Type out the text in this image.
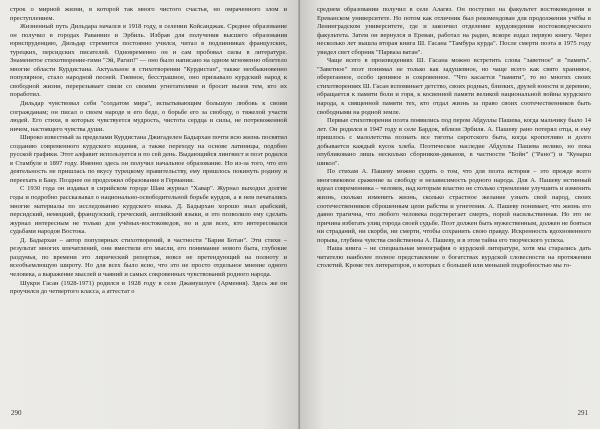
строк о мирной жизни, в которой так много чистого счастья, но омраченного злом и преступлением.

Жизненный путь Дильдара начался в 1918 году, в селении Койсанджак. Среднее образование он получил в городах Раванииз и Эрбиль. Избрав для получения высшего образования юриспруденцию, Дильдар стремится постоянно учился, читал в подлинниках французских, турецких, персидских писателей. Одновременно он и сам пробовал силы в литературе. Знаменитое стихотворение-гимн "Эй, Рагип!" — оно было написано на одном мгновенно облетело многие области Курдистана. Актуальное в стихотворении "Курдистан", также необыкновенно популярное, стало народной песней. Гневное, бесстрашное, оно призывало курдский народ к свободной жизни, перерезывает связи со своими угнетателями и бросит вызов тем, кто их поработил.

Дильдар чувствовал себя "солдатом мира", испытывающим большую любовь к своим согражданам; он писал о своем народе и его беде, о борьбе его за свободу, о тяжелой участи людей. Его стихи, в которых чувствуется мудрость, чистота сердца и силы, не потревоженной ничем, настоящего чувства души.

Широко известный за пределами Курдистана Джигаделен Бадырхан почти всю жизнь посвятил созданию современного курдского издания, а также переходу на основе латиницы, подобно русской графики. Этот алфавит используется и по сей день. Выдающийся лингвист и поэт родился в Стамбуле в 1897 году. Именно здесь он получил начальное образование. Но из-за того, что его деятельность не пришлась по вкусу турецкому правительству, ему пришлось покинуть родину и переехать в Баку. Позднее он продолжил образование в Германии.

С 1930 года он издавал в сирийском городе Шам журнал "Хавар". Журнал выходил долгие годы и подробно рассказывал о национально-освободительной борьбе курдов, а в нем печатались многие материалы по исследованию курдского языка. Д. Бадырхан хорошо знал арабский, персидский, немецкий, французский, греческий, английский языки, и это позволило ему сделать журнал интересным не только для учёных-востоковедов, но и для всех, кто интересовался судьбами народов Востока.

Д. Бадырхан – автор популярных стихотворений, в частности "Бария Ботан". Эти стихи – результат многих впечатлений, они вместили его мысли, его понимание нового быта, глубокие раздумья, по времени это лирический репортаж, вовсе не претендующий на полноту и всеобъемлющую широту. Но для всех было ясно, что это не просто отдельное мнение одного человека, а выражение мыслей и чаяний и самых сокровенных чувствований родного народа.

Шукри Гасан (1928-1971) родился в 1928 году в селе Джамушлуге (Армения). Здесь же он проучился до четвертого класса, а аттестат о

290

среднем образовании получил в селе Алагяз. Он поступил на факультет востоковедения в Ереванском университете. Но потом как отличник был рекомендован для продолжения учёбы в Ленинградском университете, где и закончил отделение курдоведения востоковедческого факультета. Затем он вернулся в Ереван, работал на радио, вскоре издал первую книгу. Через несколько лет вышла вторая книга Ш. Гасана "Тамбура курда". После смерти поэта в 1975 году увидел свет сборник "Парваза ватан".

Чаще всего в произведениях Ш. Гасана можно встретить слова "заветное" и "память". "Заветное" поэт понимал не только как задушевное, но чаще всего как свято хранимое, обереганное, особо ценимое и сокровенное. "Что касается "памяти", то во многих своих стихотворениях Ш. Гасан вспоминает детство, своих родных, близких, друзей юности и деревню, обращается к памяти боли и горя, к косвенной памяти великой национальной войны курдского народа, к священной памяти тех, кто отдал жизнь за право своих соотечественников быть свободными на родной земле.

Первые стихотворения поэта появились под пером Абдуллы Пашева, когда мальчику было 14 лет. Он родился в 1947 году в селе Бардок, вблизи Эрбиля. А. Пашеву рано потерял отца, и ему пришлось с малолетства познать все тяготы сиротского быта, когда кропотливо и долго добывается каждый кусок хлеба. Поэтическое наследие Абдуллы Пашева велико, но пока опубликовано лишь несколько сборников-диванов, в частности "Бойн" ("Рано") и "Кунарш шикол".

По стихам А. Пашеву можно судить о том, что для поэта история – это прежде всего многовековое сражение за свободу и независимость родного народа. Для А. Пашеву истинный идеал современника – человек, над которым властно не столько стремление улучшить и изменить жизнь, сколько изменить жизнь, сколько страстное желание узнать свой народ, своих соотечественников сброшенным цепи рабства и угнетения. А. Пашеву понимает, что жизнь его давно трагична, что любого человека подстерегает смерть, порой насильственная. Но это не причина избегать улиц города своей судьбе. Поэт должен быть мужественным, должен не бояться ни страданий, ни скорби, ни смерти, чтобы сохранить свою правду. Искренность вдохновенного порыва, глубина чувства свойственны А. Пашеву, и в этом тайна его творческого успеха.

Наша книга – не специальная монография о курдской литературе, хотя мы старались дать читателю наиболее полное представление о богатствах курдской словесности на протяжении столетий. Кроме тех литераторов, о которых с большей или меньшей подробностью мы го-

291
